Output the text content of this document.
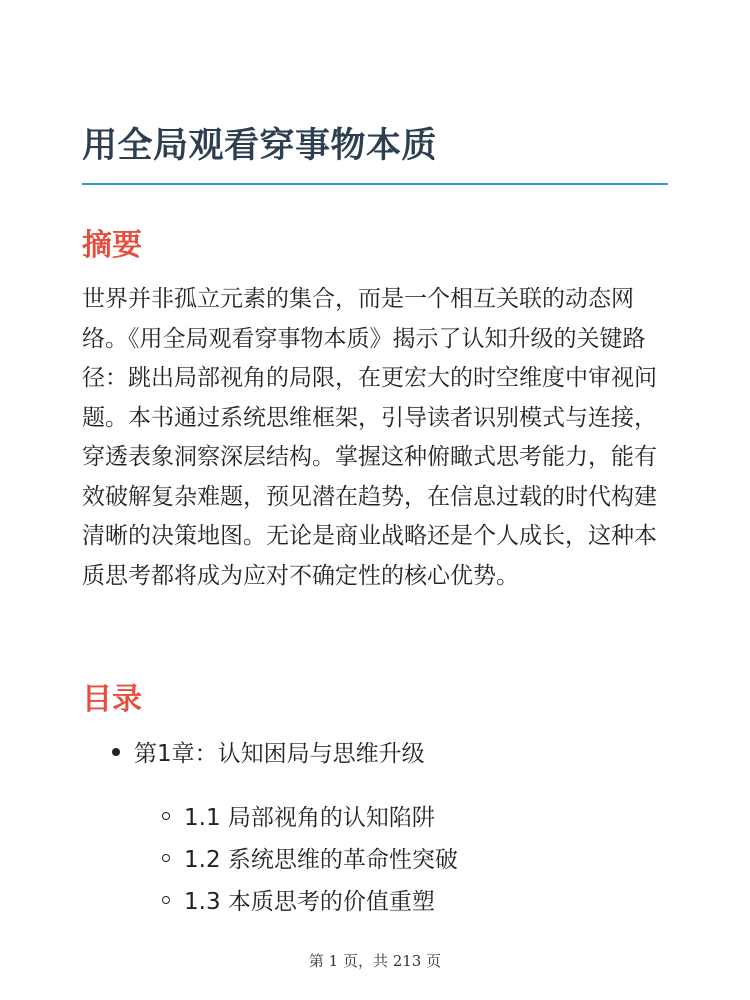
用全局观看穿事物本质
摘要

世界并非孤立元素的集合，而是一个相互关联的动态网络。《用全局观看穿事物本质》揭示了认知升级的关键路径：跳出局部视角的局限，在更宏大的时空维度中审视问题。本书通过系统思维框架，引导读者识别模式与连接，穿透表象洞察深层结构。掌握这种俯瞰式思考能力，能有效破解复杂难题，预见潜在趋势，在信息过载的时代构建清晰的决策地图。无论是商业战略还是个人成长，这种本质思考都将成为应对不确定性的核心优势。

目录
第1章：认知困局与思维升级
1.1 局部视角的认知陷阱
1.2 系统思维的革命性突破
1.3 本质思考的价值重塑
第 1 页，共 213 页
